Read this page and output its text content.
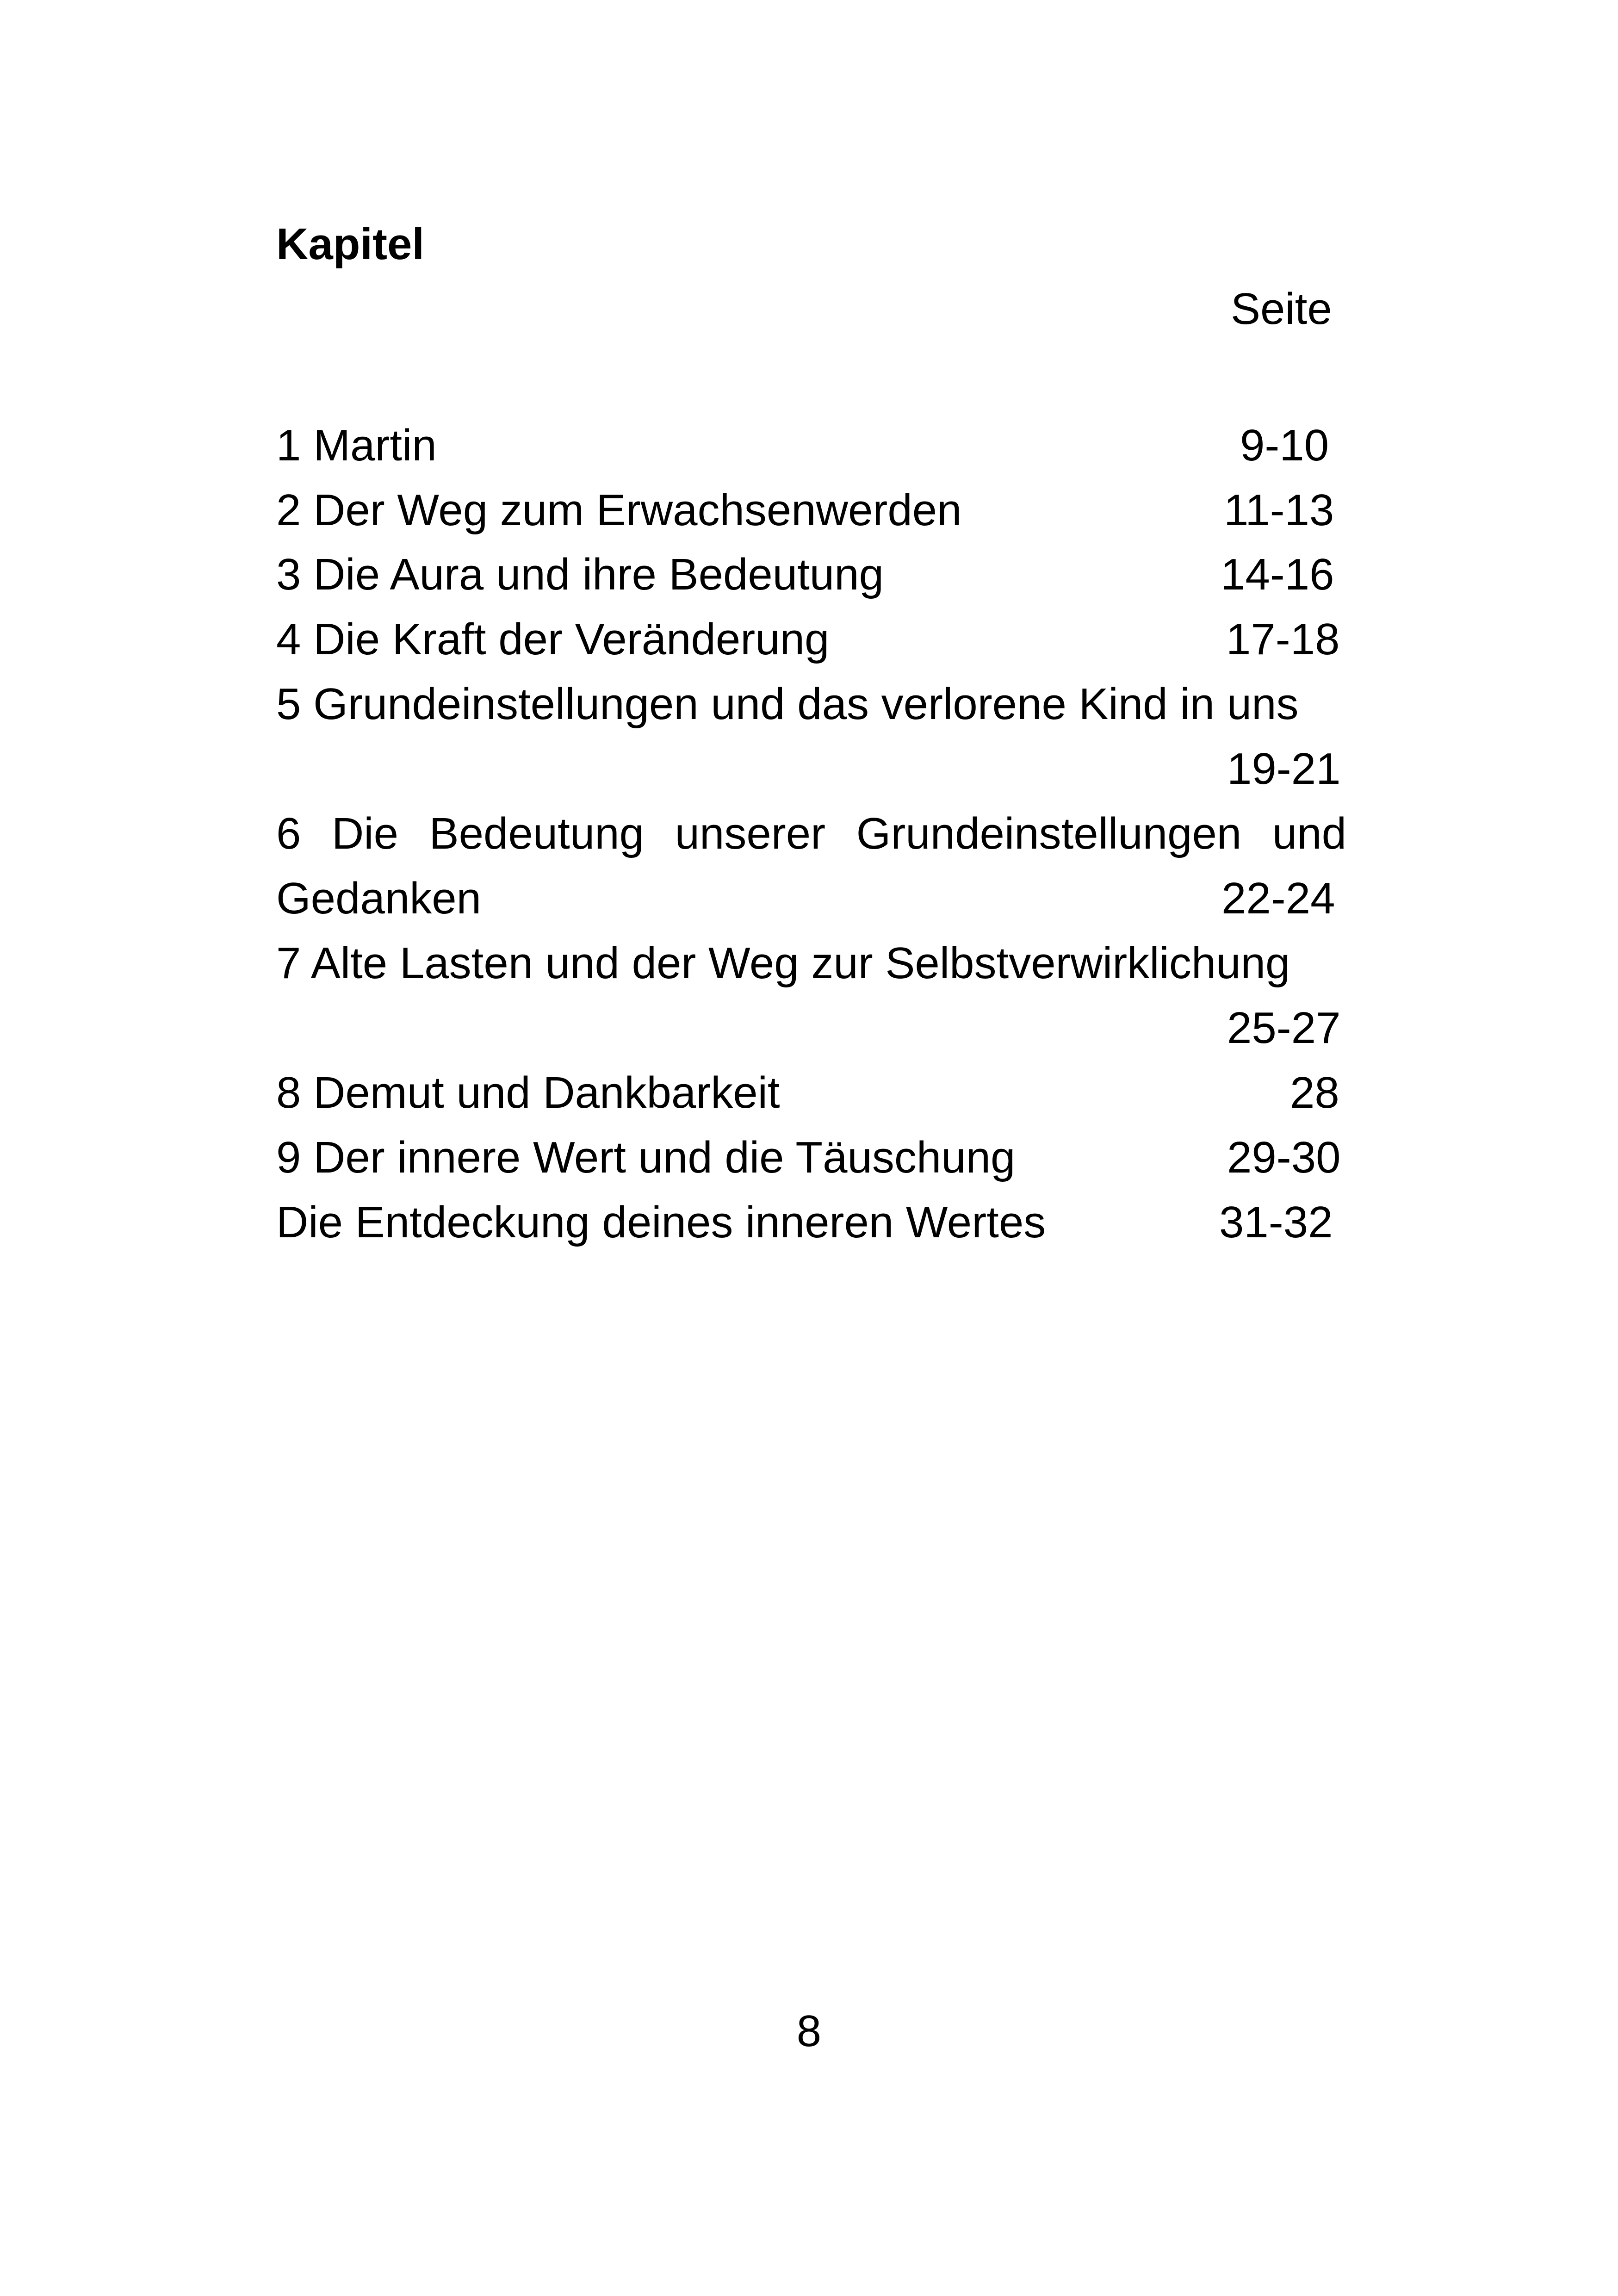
Kapitel
Seite
1 Martin	9-10
2 Der Weg zum Erwachsenwerden	11-13
3 Die Aura und ihre Bedeutung	14-16
4 Die Kraft der Veränderung	17-18
5 Grundeinstellungen und das verlorene Kind in uns
19-21
6 Die Bedeutung unserer Grundeinstellungen und
Gedanken	22-24
7 Alte Lasten und der Weg zur Selbstverwirklichung
25-27
8 Demut und Dankbarkeit	28
9 Der innere Wert und die Täuschung	29-30
Die Entdeckung deines inneren Wertes	31-32
8
